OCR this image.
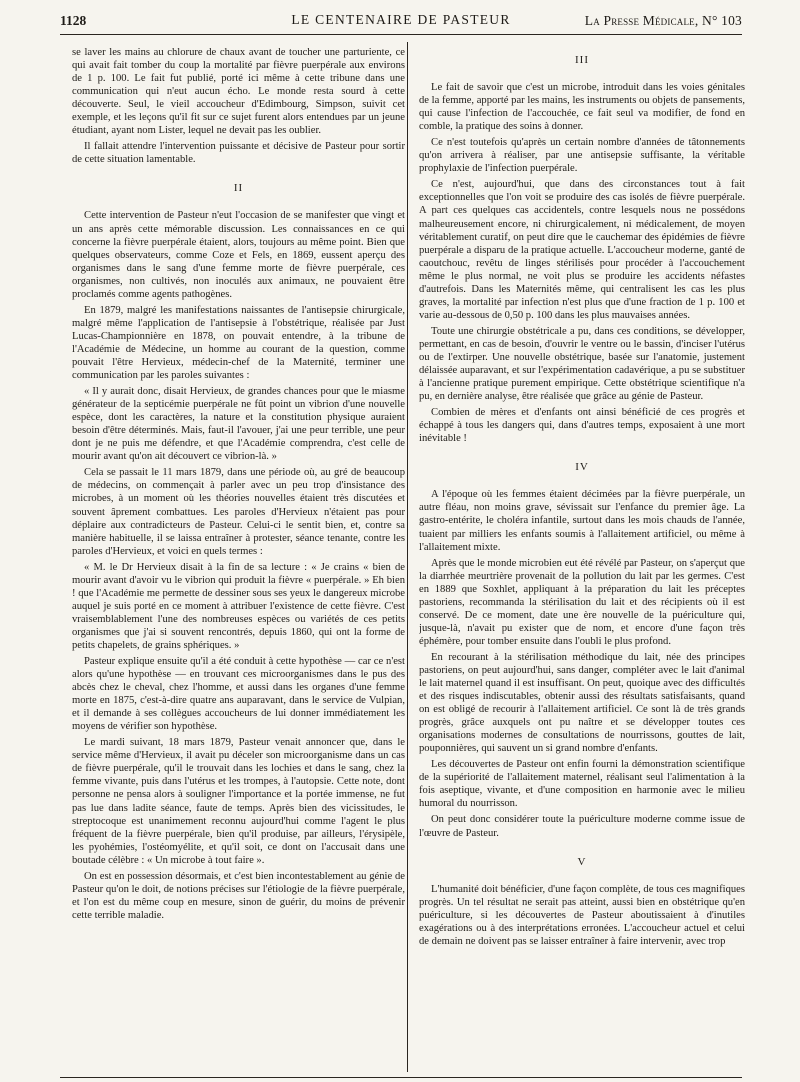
1128	LE CENTENAIRE DE PASTEUR	La Presse Médicale, N° 103

se laver les mains au chlorure de chaux avant de toucher une parturiente, ce qui avait fait tomber du coup la mortalité par fièvre puerpérale aux environs de 1 p. 100. Le fait fut publié, porté ici même à cette tribune dans une communication qui n'eut aucun écho. Le monde resta sourd à cette découverte. Seul, le vieil accoucheur d'Edimbourg, Simpson, suivit cet exemple, et les leçons qu'il fit sur ce sujet furent alors entendues par un jeune étudiant, ayant nom Lister, lequel ne devait pas les oublier.

Il fallait attendre l'intervention puissante et décisive de Pasteur pour sortir de cette situation lamentable.

II

Cette intervention de Pasteur n'eut l'occasion de se manifester que vingt et un ans après cette mémorable discussion. Les connaissances en ce qui concerne la fièvre puerpérale étaient, alors, toujours au même point. Bien que quelques observateurs, comme Coze et Fels, en 1869, eussent aperçu des organismes dans le sang d'une femme morte de fièvre puerpérale, ces organismes, non cultivés, non inoculés aux animaux, ne pouvaient être proclamés comme agents pathogènes.

En 1879, malgré les manifestations naissantes de l'antisepsie chirurgicale, malgré même l'application de l'antisepsie à l'obstétrique, réalisée par Just Lucas-Championnière en 1878, on pouvait entendre, à la tribune de l'Académie de Médecine, un homme au courant de la question, comme pouvait l'être Hervieux, médecin-chef de la Maternité, terminer une communication par les paroles suivantes :

« Il y aurait donc, disait Hervieux, de grandes chances pour que le miasme générateur de la septicémie puerpérale ne fût point un vibrion d'une nouvelle espèce, dont les caractères, la nature et la constitution physique auraient besoin d'être déterminés. Mais, faut-il l'avouer, j'ai une peur terrible, une peur dont je ne puis me défendre, et que l'Académie comprendra, c'est celle de mourir avant qu'on ait découvert ce vibrion-là. »

Cela se passait le 11 mars 1879, dans une période où, au gré de beaucoup de médecins, on commençait à parler avec un peu trop d'insistance des microbes, à un moment où les théories nouvelles étaient très discutées et souvent âprement combattues. Les paroles d'Hervieux n'étaient pas pour déplaire aux contradicteurs de Pasteur. Celui-ci le sentit bien, et, contre sa manière habituelle, il se laissa entraîner à protester, séance tenante, contre les paroles d'Hervieux, et voici en quels termes :

« M. le Dr Hervieux disait à la fin de sa lecture : « Je crains « bien de mourir avant d'avoir vu le vibrion qui produit la fièvre « puerpérale. » Eh bien ! que l'Académie me permette de dessiner sous ses yeux le dangereux microbe auquel je suis porté en ce moment à attribuer l'existence de cette fièvre. C'est vraisemblablement l'une des nombreuses espèces ou variétés de ces petits organismes que j'ai si souvent rencontrés, depuis 1860, qui ont la forme de petits chapelets, de grains sphériques. »

Pasteur explique ensuite qu'il a été conduit à cette hypothèse — car ce n'est alors qu'une hypothèse — en trouvant ces microorganismes dans le pus des abcès chez le cheval, chez l'homme, et aussi dans les organes d'une femme morte en 1875, c'est-à-dire quatre ans auparavant, dans le service de Vulpian, et il demande à ses collègues accoucheurs de lui donner immédiatement les moyens de vérifier son hypothèse.

Le mardi suivant, 18 mars 1879, Pasteur venait annoncer que, dans le service même d'Hervieux, il avait pu déceler son microorganisme dans un cas de fièvre puerpérale, qu'il le trouvait dans les lochies et dans le sang, chez la femme vivante, puis dans l'utérus et les trompes, à l'autopsie. Cette note, dont personne ne pensa alors à souligner l'importance et la portée immense, ne fut pas lue dans ladite séance, faute de temps. Après bien des vicissitudes, le streptocoque est unanimement reconnu aujourd'hui comme l'agent le plus fréquent de la fièvre puerpérale, bien qu'il produise, par ailleurs, l'érysipèle, les pyohémies, l'ostéomyélite, et qu'il soit, ce dont on l'accusait dans une boutade célèbre : « Un microbe à tout faire ».

On est en possession désormais, et c'est bien incontestablement au génie de Pasteur qu'on le doit, de notions précises sur l'étiologie de la fièvre puerpérale, et l'on est du même coup en mesure, sinon de guérir, du moins de prévenir cette terrible maladie.

III

Le fait de savoir que c'est un microbe, introduit dans les voies génitales de la femme, apporté par les mains, les instruments ou objets de pansements, qui cause l'infection de l'accouchée, ce fait seul va modifier, de fond en comble, la pratique des soins à donner.

Ce n'est toutefois qu'après un certain nombre d'années de tâtonnements qu'on arrivera à réaliser, par une antisepsie suffisante, la véritable prophylaxie de l'infection puerpérale.

Ce n'est, aujourd'hui, que dans des circonstances tout à fait exceptionnelles que l'on voit se produire des cas isolés de fièvre puerpérale. A part ces quelques cas accidentels, contre lesquels nous ne possédons malheureusement encore, ni chirurgicalement, ni médicalement, de moyen véritablement curatif, on peut dire que le cauchemar des épidémies de fièvre puerpérale a disparu de la pratique actuelle. L'accoucheur moderne, ganté de caoutchouc, revêtu de linges stérilisés pour procéder à l'accouchement même le plus normal, ne voit plus se produire les accidents néfastes d'autrefois. Dans les Maternités même, qui centralisent les cas les plus graves, la mortalité par infection n'est plus que d'une fraction de 1 p. 100 et varie au-dessous de 0,50 p. 100 dans les plus mauvaises années.

Toute une chirurgie obstétricale a pu, dans ces conditions, se développer, permettant, en cas de besoin, d'ouvrir le ventre ou le bassin, d'inciser l'utérus ou de l'extirper. Une nouvelle obstétrique, basée sur l'anatomie, justement délaissée auparavant, et sur l'expérimentation cadavérique, a pu se substituer à l'ancienne pratique purement empirique. Cette obstétrique scientifique n'a pu, en dernière analyse, être réalisée que grâce au génie de Pasteur.

Combien de mères et d'enfants ont ainsi bénéficié de ces progrès et échappé à tous les dangers qui, dans d'autres temps, exposaient à une mort inévitable !

IV

A l'époque où les femmes étaient décimées par la fièvre puerpérale, un autre fléau, non moins grave, sévissait sur l'enfance du premier âge. La gastro-entérite, le choléra infantile, surtout dans les mois chauds de l'année, tuaient par milliers les enfants soumis à l'allaitement artificiel, ou même à l'allaitement mixte.

Après que le monde microbien eut été révélé par Pasteur, on s'aperçut que la diarrhée meurtrière provenait de la pollution du lait par les germes. C'est en 1889 que Soxhlet, appliquant à la préparation du lait les préceptes pastoriens, recommanda la stérilisation du lait et des récipients où il est conservé. De ce moment, date une ère nouvelle de la puériculture qui, jusque-là, n'avait pu exister que de nom, et encore d'une façon très éphémère, pour tomber ensuite dans l'oubli le plus profond.

En recourant à la stérilisation méthodique du lait, née des principes pastoriens, on peut aujourd'hui, sans danger, compléter avec le lait d'animal le lait maternel quand il est insuffisant. On peut, quoique avec des difficultés et des risques indiscutables, obtenir aussi des résultats satisfaisants, quand on est obligé de recourir à l'allaitement artificiel. Ce sont là de très grands progrès, grâce auxquels ont pu naître et se développer toutes ces organisations modernes de consultations de nourrissons, gouttes de lait, pouponnières, qui sauvent un si grand nombre d'enfants.

Les découvertes de Pasteur ont enfin fourni la démonstration scientifique de la supériorité de l'allaitement maternel, réalisant seul l'alimentation à la fois aseptique, vivante, et d'une composition en harmonie avec le milieu humoral du nourrisson.

On peut donc considérer toute la puériculture moderne comme issue de l'œuvre de Pasteur.

V

L'humanité doit bénéficier, d'une façon complète, de tous ces magnifiques progrès. Un tel résultat ne serait pas atteint, aussi bien en obstétrique qu'en puériculture, si les découvertes de Pasteur aboutissaient à d'inutiles exagérations ou à des interprétations erronées. L'accoucheur actuel et celui de demain ne doivent pas se laisser entraîner à faire intervenir, avec trop
